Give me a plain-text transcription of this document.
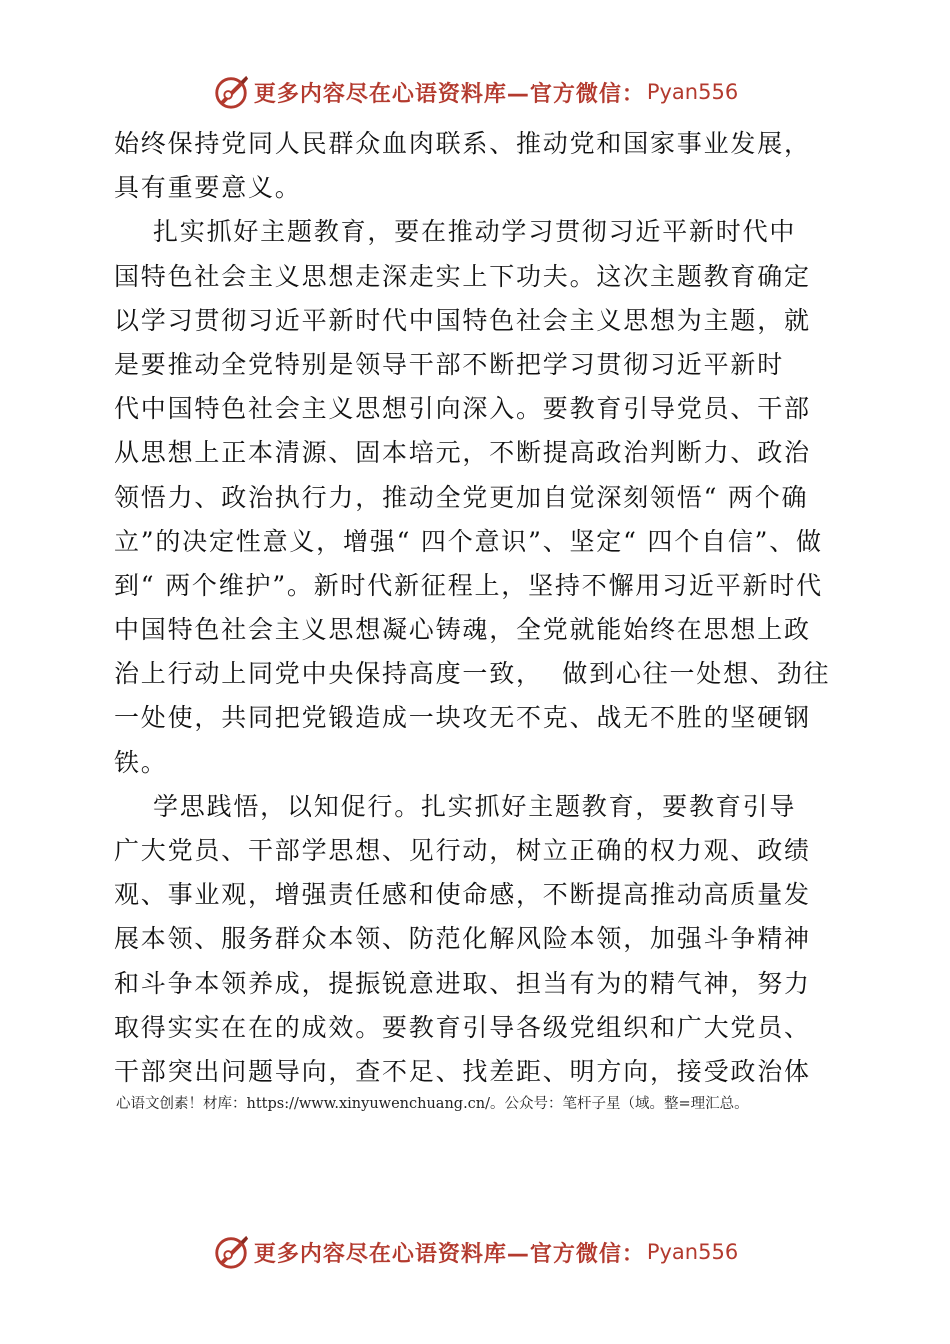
更多内容尽在心语资料库—官方微信： Pyan556
始终保持党同人民群众血肉联系、推动党和国家事业发展，
具有重要意义。
扎实抓好主题教育，要在推动学习贯彻习近平新时代中
国特色社会主义思想走深走实上下功夫。这次主题教育确定
以学习贯彻习近平新时代中国特色社会主义思想为主题，就
是要推动全党特别是领导干部不断把学习贯彻习近平新时
代中国特色社会主义思想引向深入。要教育引导党员、干部
从思想上正本清源、固本培元，不断提高政治判断力、政治
领悟力、政治执行力，推动全党更加自觉深刻领悟“ 两个确
立”的决定性意义，增强“ 四个意识”、坚定“ 四个自信”、做
到“ 两个维护”。新时代新征程上，坚持不懈用习近平新时代
中国特色社会主义思想凝心铸魂，全党就能始终在思想上政
治上行动上同党中央保持高度一致，  做到心往一处想、劲往
一处使，共同把党锻造成一块攻无不克、战无不胜的坚硬钢
铁。
学思践悟，以知促行。扎实抓好主题教育，要教育引导
广大党员、干部学思想、见行动，树立正确的权力观、政绩
观、事业观，增强责任感和使命感，不断提高推动高质量发
展本领、服务群众本领、防范化解风险本领，加强斗争精神
和斗争本领养成，提振锐意进取、担当有为的精气神，努力
取得实实在在的成效。要教育引导各级党组织和广大党员、
干部突出问题导向，查不足、找差距、明方向，接受政治体
心语文创素！材库：https://www.xinyuwenchuang.cn/。公众号：笔杆子星（域。整=理汇总。
更多内容尽在心语资料库—官方微信： Pyan556
